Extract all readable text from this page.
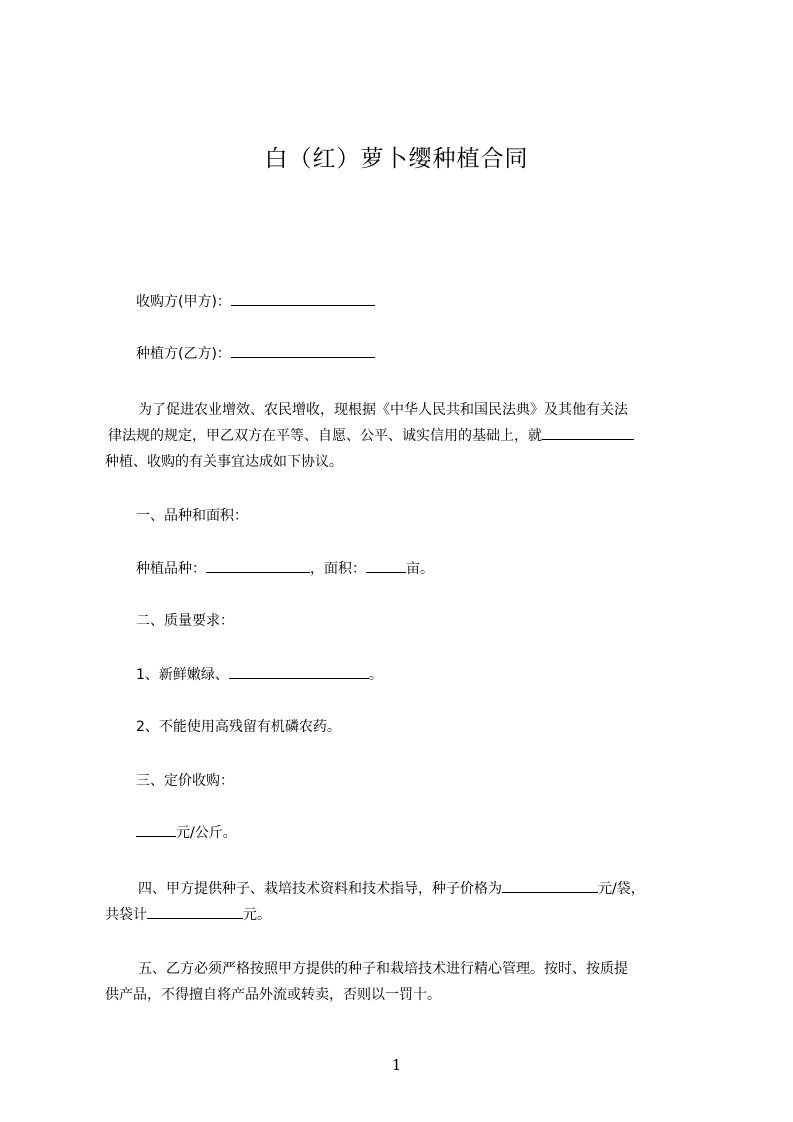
白（红）萝卜缨种植合同
收购方(甲方)：
种植方(乙方)：
为了促进农业增效、农民增收，现根据《中华人民共和国民法典》及其他有关法
律法规的规定，甲乙双方在平等、自愿、公平、诚实信用的基础上，就
种植、收购的有关事宜达成如下协议。
一、品种和面积：
种植品种：	，面积：	亩。
二、质量要求：
1、新鲜嫩绿、	。
2、不能使用高残留有机磷农药。
三、定价收购：
元/公斤。
四、甲方提供种子、栽培技术资料和技术指导，种子价格为	元/袋，
共袋计	元。
五、乙方必须严格按照甲方提供的种子和栽培技术进行精心管理。按时、按质提
供产品，不得擅自将产品外流或转卖，否则以一罚十。
1
